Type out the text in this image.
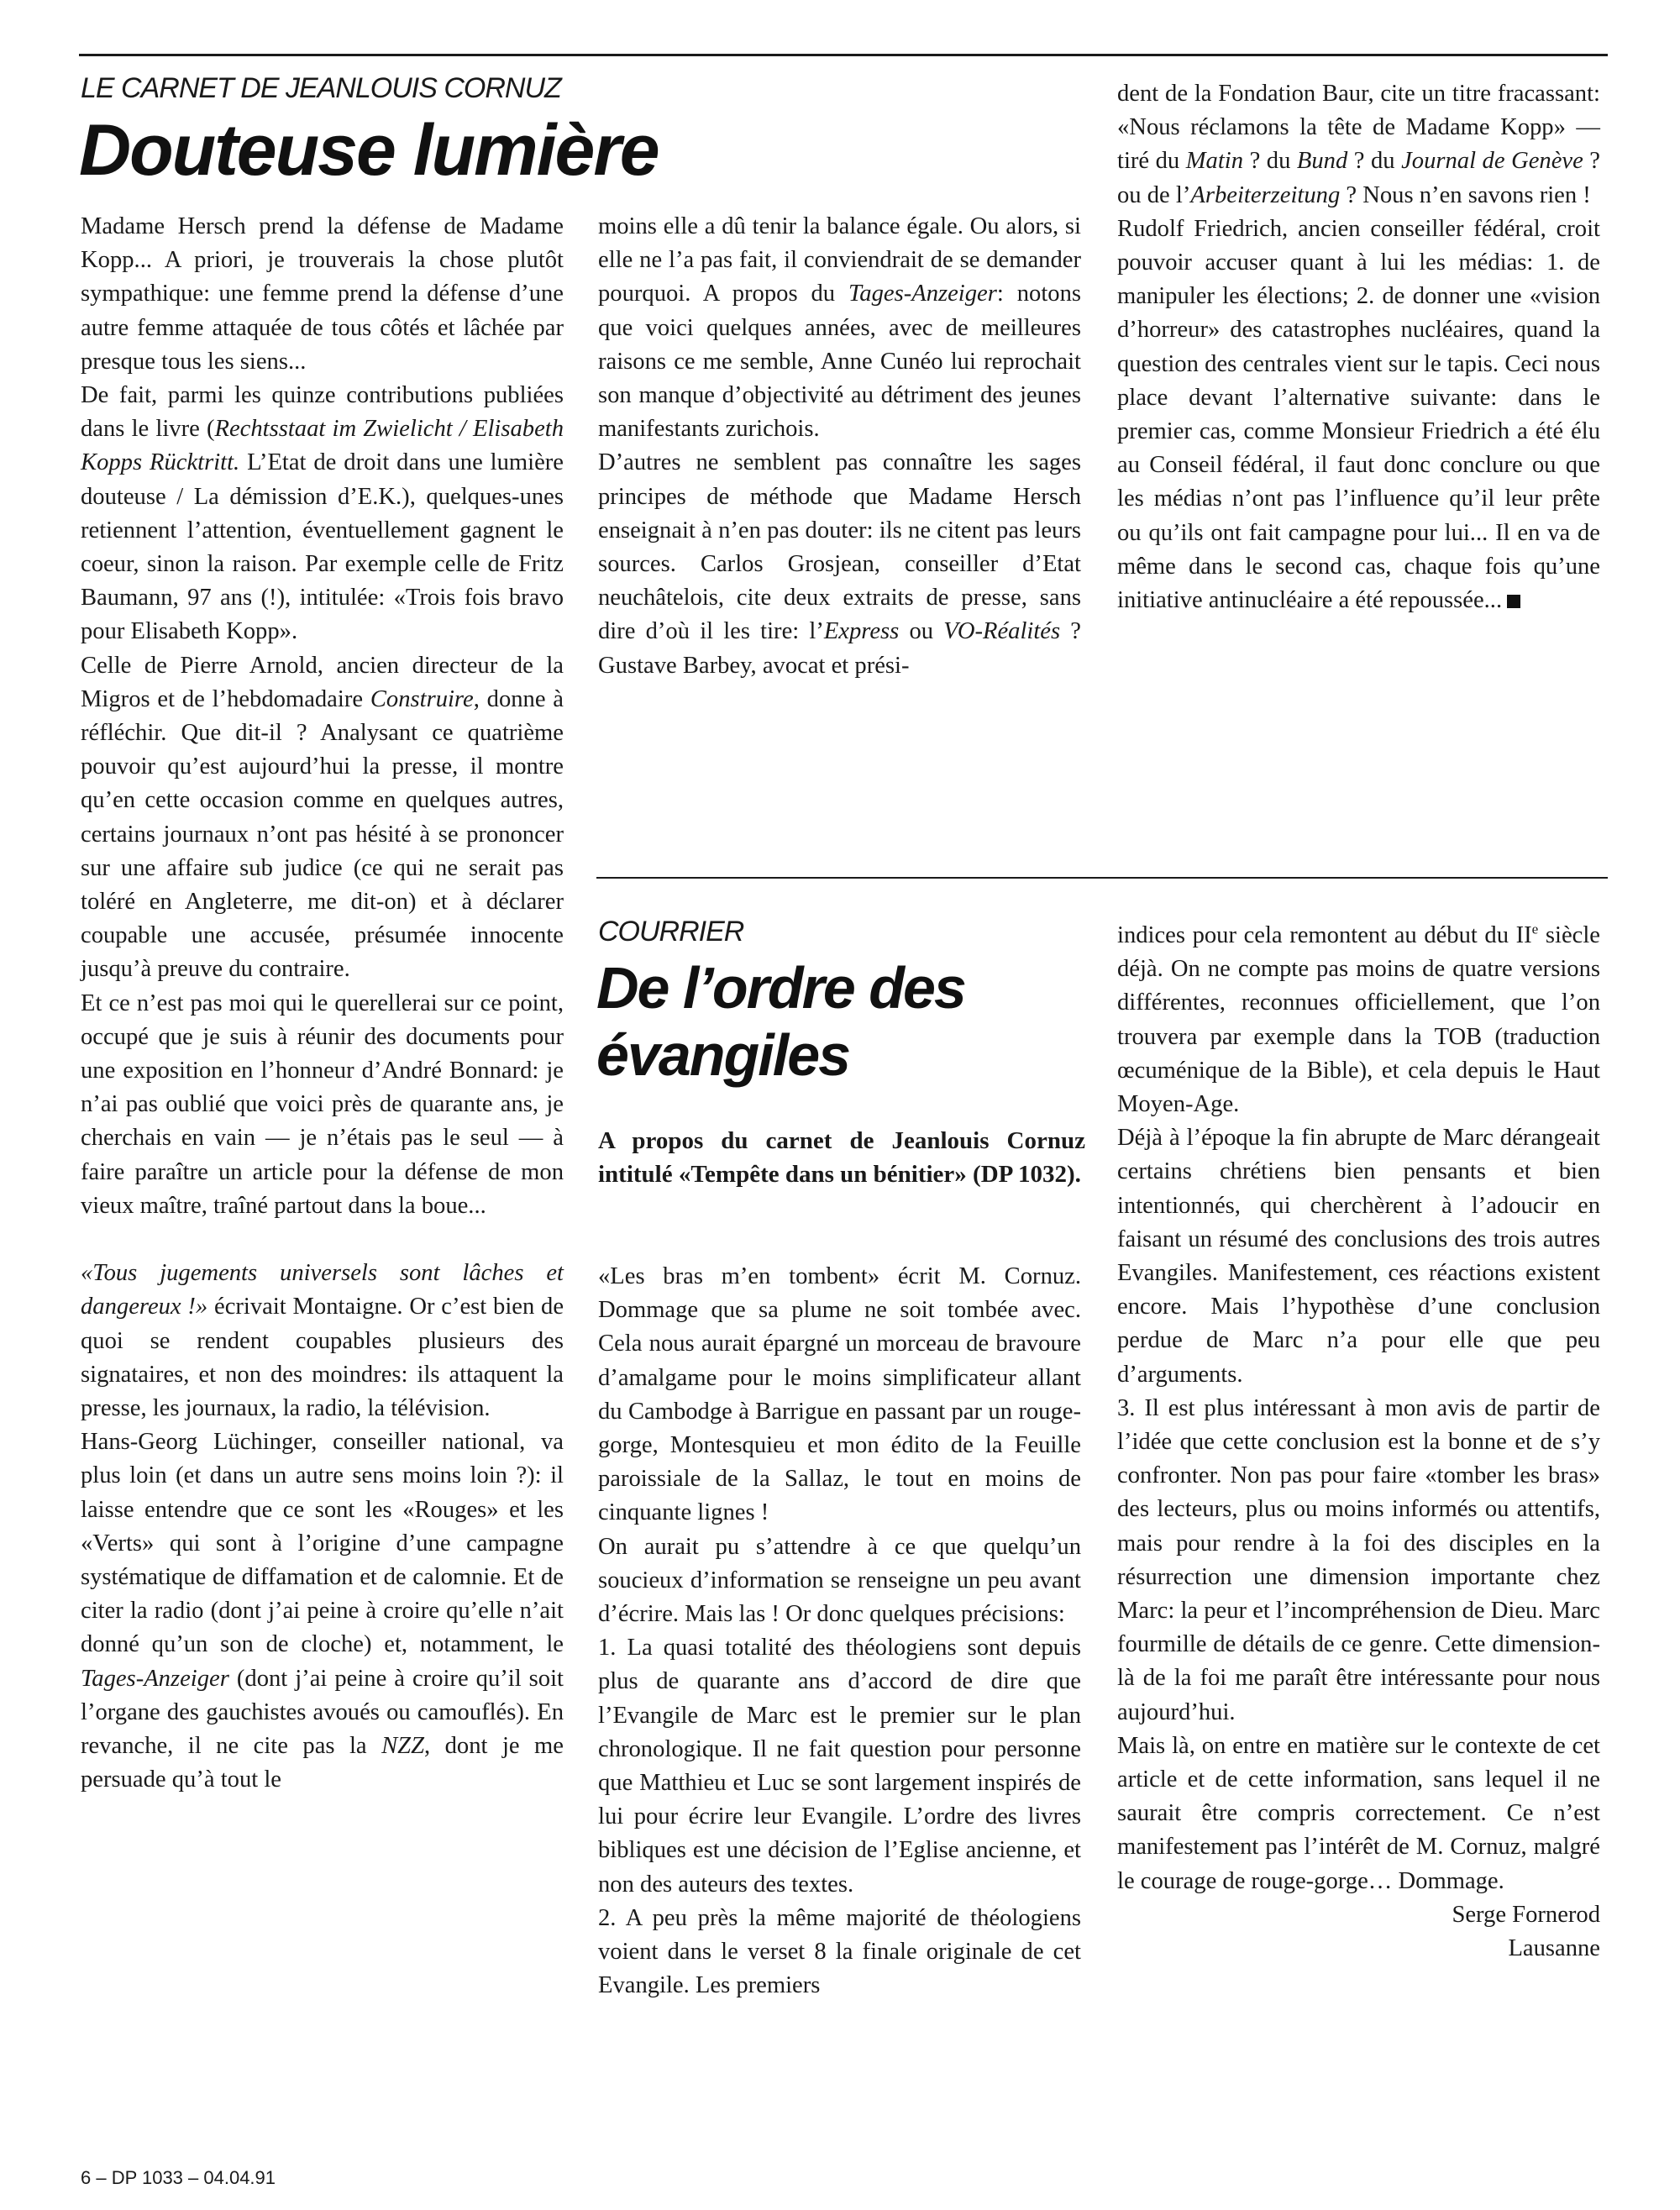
LE CARNET DE JEANLOUIS CORNUZ
Douteuse lumière

Madame Hersch prend la défense de Madame Kopp... A priori, je trouverais la chose plutôt sympathique: une femme prend la défense d’une autre femme attaquée de tous côtés et lâchée par presque tous les siens...

De fait, parmi les quinze contributions publiées dans le livre (Rechtsstaat im Zwielicht / Elisabeth Kopps Rücktritt. L’Etat de droit dans une lumière douteuse / La démission d’E.K.), quelques-unes retiennent l’attention, éventuellement gagnent le coeur, sinon la raison. Par exemple celle de Fritz Baumann, 97 ans (!), intitulée: «Trois fois bravo pour Elisabeth Kopp».

Celle de Pierre Arnold, ancien directeur de la Migros et de l’hebdomadaire Construire, donne à réfléchir. Que dit-il ? Analysant ce quatrième pouvoir qu’est aujourd’hui la presse, il montre qu’en cette occasion comme en quelques autres, certains journaux n’ont pas hésité à se prononcer sur une affaire sub judice (ce qui ne serait pas toléré en Angleterre, me dit-on) et à déclarer coupable une accusée, présumée innocente jusqu’à preuve du contraire.

Et ce n’est pas moi qui le querellerai sur ce point, occupé que je suis à réunir des documents pour une exposition en l’honneur d’André Bonnard: je n’ai pas oublié que voici près de quarante ans, je cherchais en vain — je n’étais pas le seul — à faire paraître un article pour la défense de mon vieux maître, traîné partout dans la boue...

«Tous jugements universels sont lâches et dangereux !» écrivait Montaigne. Or c’est bien de quoi se rendent coupables plusieurs des signataires, et non des moindres: ils attaquent la presse, les journaux, la radio, la télévision.

Hans-Georg Lüchinger, conseiller national, va plus loin (et dans un autre sens moins loin ?): il laisse entendre que ce sont les «Rouges» et les «Verts» qui sont à l’origine d’une campagne systématique de diffamation et de calomnie. Et de citer la radio (dont j’ai peine à croire qu’elle n’ait donné qu’un son de cloche) et, notamment, le Tages-Anzeiger (dont j’ai peine à croire qu’il soit l’organe des gauchistes avoués ou camouflés). En revanche, il ne cite pas la NZZ, dont je me persuade qu’à tout le

moins elle a dû tenir la balance égale. Ou alors, si elle ne l’a pas fait, il conviendrait de se demander pourquoi. A propos du Tages-Anzeiger: notons que voici quelques années, avec de meilleures raisons ce me semble, Anne Cunéo lui reprochait son manque d’objectivité au détriment des jeunes manifestants zurichois.

D’autres ne semblent pas connaître les sages principes de méthode que Madame Hersch enseignait à n’en pas douter: ils ne citent pas leurs sources. Carlos Grosjean, conseiller d’Etat neuchâtelois, cite deux extraits de presse, sans dire d’où il les tire: l’Express ou VO-Réalités ? Gustave Barbey, avocat et prési-

dent de la Fondation Baur, cite un titre fracassant: «Nous réclamons la tête de Madame Kopp» — tiré du Matin ? du Bund ? du Journal de Genève ? ou de l’Arbeiterzeitung ? Nous n’en savons rien !

Rudolf Friedrich, ancien conseiller fédéral, croit pouvoir accuser quant à lui les médias: 1. de manipuler les élections; 2. de donner une «vision d’horreur» des catastrophes nucléaires, quand la question des centrales vient sur le tapis. Ceci nous place devant l’alternative suivante: dans le premier cas, comme Monsieur Friedrich a été élu au Conseil fédéral, il faut donc conclure ou que les médias n’ont pas l’influence qu’il leur prête ou qu’ils ont fait campagne pour lui... Il en va de même dans le second cas, chaque fois qu’une initiative antinucléaire a été repoussée...

COURRIER
De l’ordre des
évangiles
A propos du carnet de Jeanlouis Cornuz intitulé «Tempête dans un bénitier» (DP 1032).

«Les bras m’en tombent» écrit M. Cornuz. Dommage que sa plume ne soit tombée avec. Cela nous aurait épargné un morceau de bravoure d’amalgame pour le moins simplificateur allant du Cambodge à Barrigue en passant par un rouge-gorge, Montesquieu et mon édito de la Feuille paroissiale de la Sallaz, le tout en moins de cinquante lignes !

On aurait pu s’attendre à ce que quelqu’un soucieux d’information se renseigne un peu avant d’écrire. Mais las ! Or donc quelques précisions:

1. La quasi totalité des théologiens sont depuis plus de quarante ans d’accord de dire que l’Evangile de Marc est le premier sur le plan chronologique. Il ne fait question pour personne que Matthieu et Luc se sont largement inspirés de lui pour écrire leur Evangile. L’ordre des livres bibliques est une décision de l’Eglise ancienne, et non des auteurs des textes.

2. A peu près la même majorité de théologiens voient dans le verset 8 la finale originale de cet Evangile. Les premiers

indices pour cela remontent au début du IIe siècle déjà. On ne compte pas moins de quatre versions différentes, reconnues officiellement, que l’on trouvera par exemple dans la TOB (traduction œcuménique de la Bible), et cela depuis le Haut Moyen-Age.

Déjà à l’époque la fin abrupte de Marc dérangeait certains chrétiens bien pensants et bien intentionnés, qui cherchèrent à l’adoucir en faisant un résumé des conclusions des trois autres Evangiles. Manifestement, ces réactions existent encore. Mais l’hypothèse d’une conclusion perdue de Marc n’a pour elle que peu d’arguments.

3. Il est plus intéressant à mon avis de partir de l’idée que cette conclusion est la bonne et de s’y confronter. Non pas pour faire «tomber les bras» des lecteurs, plus ou moins informés ou attentifs, mais pour rendre à la foi des disciples en la résurrection une dimension importante chez Marc: la peur et l’incompréhension de Dieu. Marc fourmille de détails de ce genre. Cette dimension-là de la foi me paraît être intéressante pour nous aujourd’hui.

Mais là, on entre en matière sur le contexte de cet article et de cette information, sans lequel il ne saurait être compris correctement. Ce n’est manifestement pas l’intérêt de M. Cornuz, malgré le courage de rouge-gorge… Dommage.

Serge Fornerod

Lausanne

6 – DP 1033 – 04.04.91
